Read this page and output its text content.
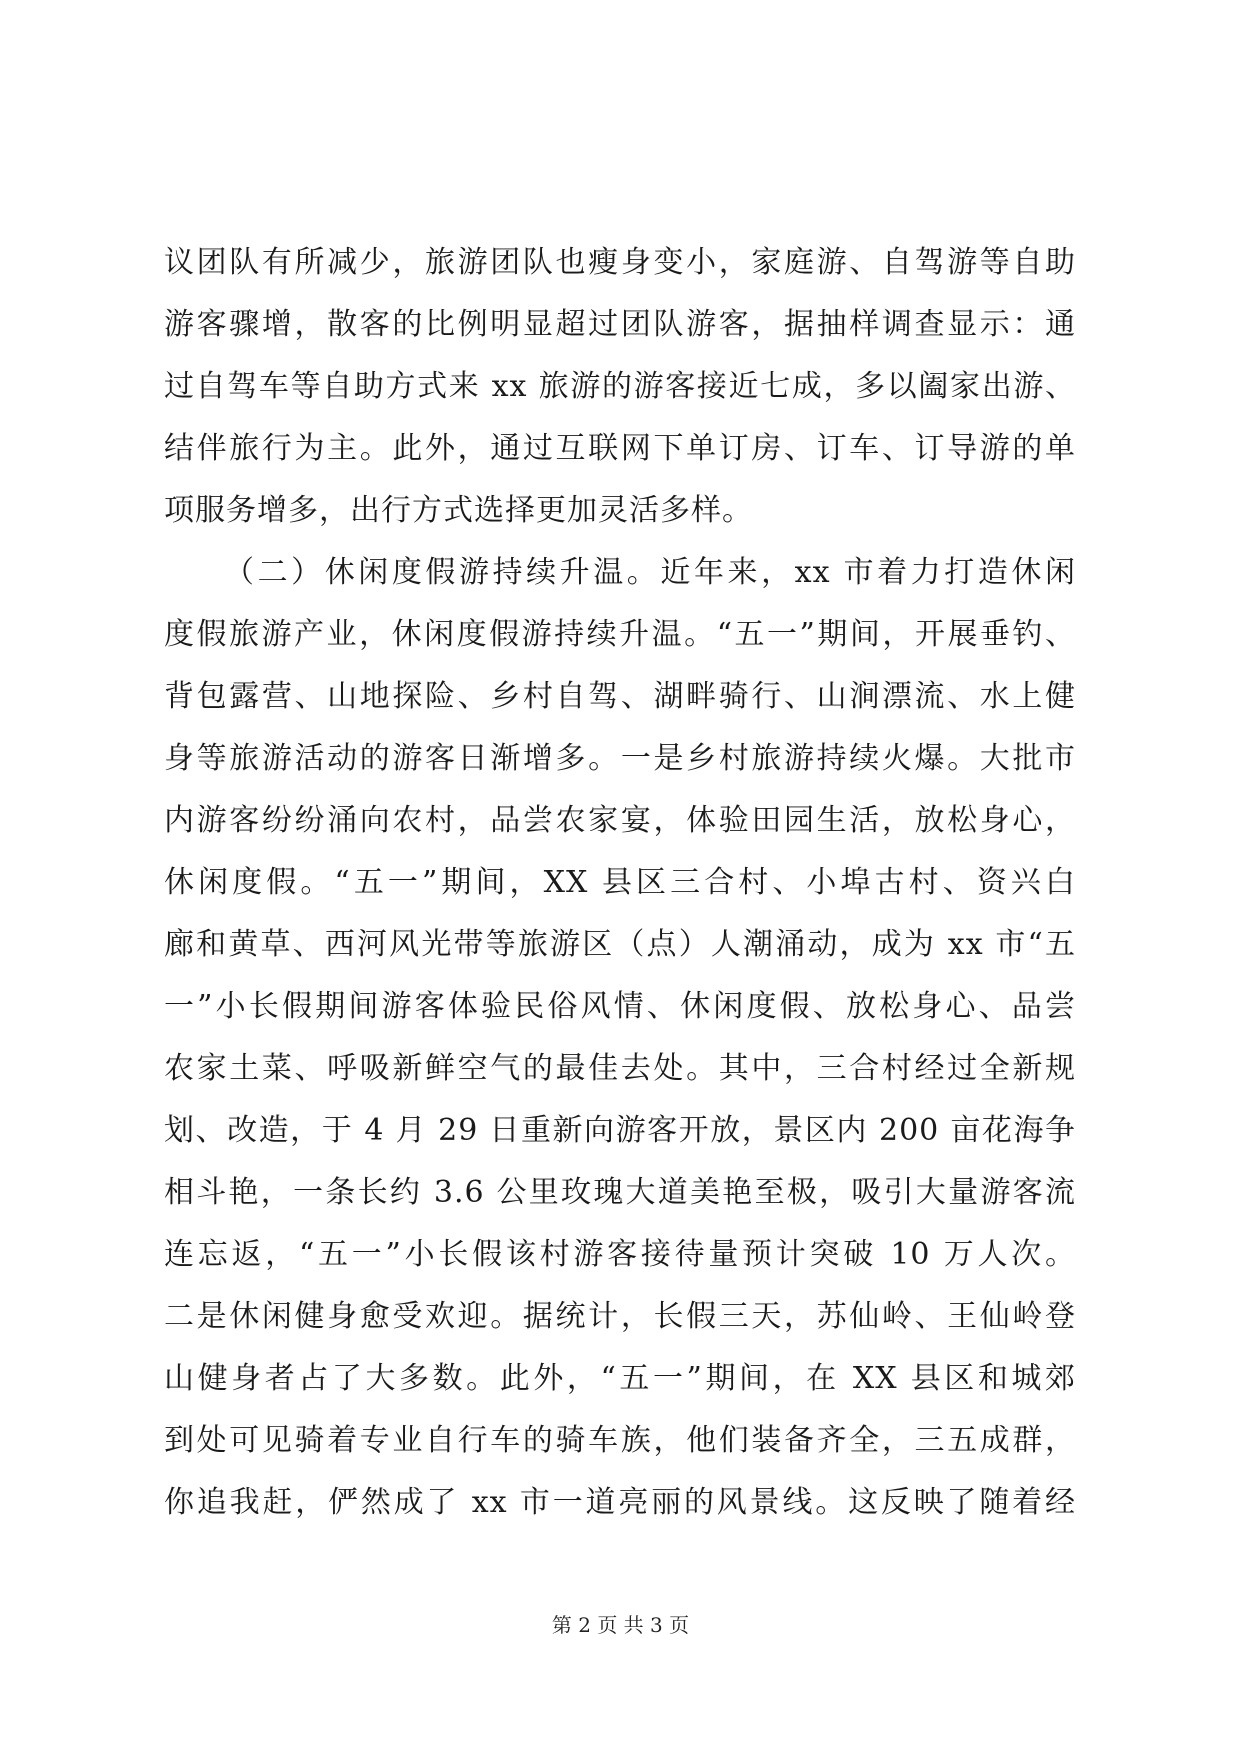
议团队有所减少，旅游团队也瘦身变小，家庭游、自驾游等自助
游客骤增，散客的比例明显超过团队游客，据抽样调查显示：通
过自驾车等自助方式来 xx 旅游的游客接近七成，多以阖家出游、
结伴旅行为主。此外，通过互联网下单订房、订车、订导游的单
项服务增多，出行方式选择更加灵活多样。
（二）休闲度假游持续升温。近年来，xx 市着力打造休闲
度假旅游产业，休闲度假游持续升温。“五一”期间，开展垂钓、
背包露营、山地探险、乡村自驾、湖畔骑行、山涧漂流、水上健
身等旅游活动的游客日渐增多。一是乡村旅游持续火爆。大批市
内游客纷纷涌向农村，品尝农家宴，体验田园生活，放松身心，
休闲度假。“五一”期间，XX 县区三合村、小埠古村、资兴白
廊和黄草、西河风光带等旅游区（点）人潮涌动，成为 xx 市“五
一”小长假期间游客体验民俗风情、休闲度假、放松身心、品尝
农家土菜、呼吸新鲜空气的最佳去处。其中，三合村经过全新规
划、改造，于 4 月 29 日重新向游客开放，景区内 200 亩花海争
相斗艳，一条长约 3.6 公里玫瑰大道美艳至极，吸引大量游客流
连忘返，“五一”小长假该村游客接待量预计突破 10 万人次。
二是休闲健身愈受欢迎。据统计，长假三天，苏仙岭、王仙岭登
山健身者占了大多数。此外，“五一”期间，在 XX 县区和城郊
到处可见骑着专业自行车的骑车族，他们装备齐全，三五成群，
你追我赶，俨然成了 xx 市一道亮丽的风景线。这反映了随着经
第 2 页 共 3 页
